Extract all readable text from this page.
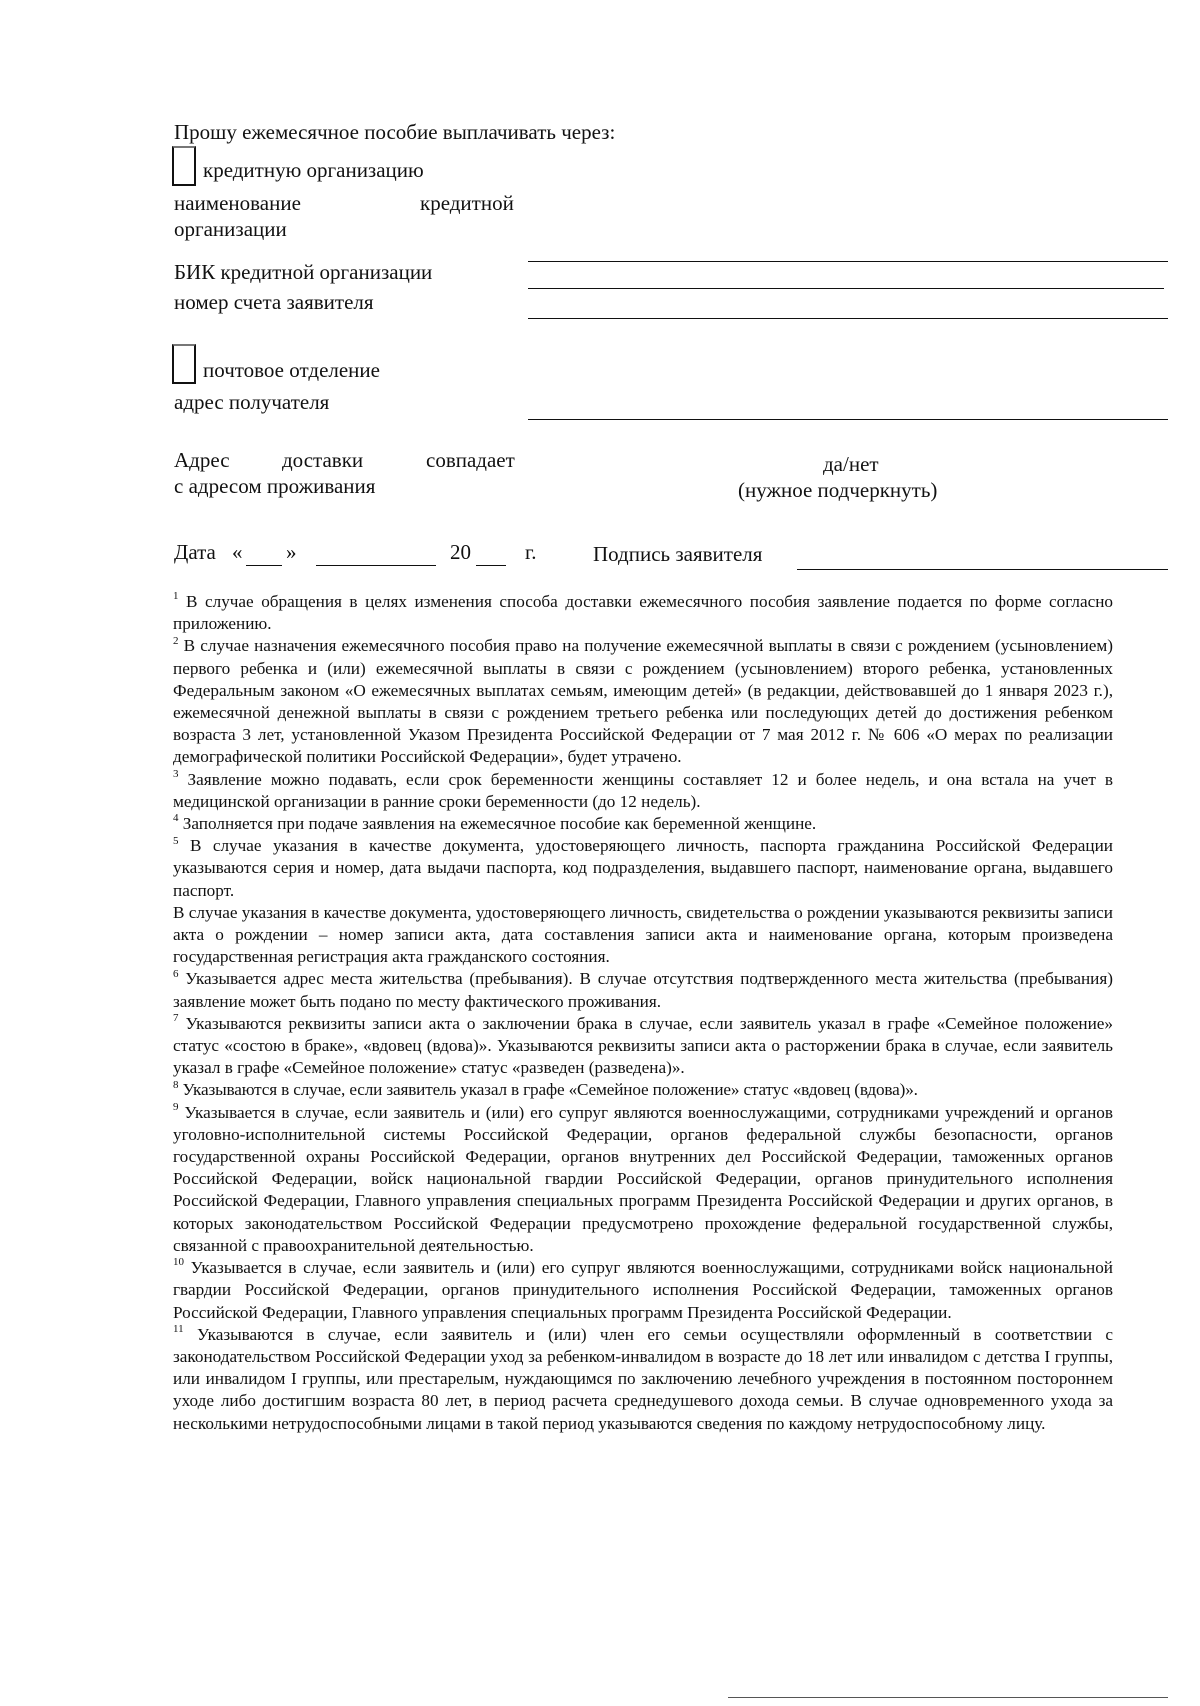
Прошу ежемесячное пособие выплачивать через:
кредитную организацию
наименование	кредитной
организации
БИК кредитной организации
номер счета заявителя
почтовое отделение
адрес получателя
Адрес доставки	совпадает
с адресом проживания
да/нет
(нужное подчеркнуть)
Дата « »	20	г.	Подпись заявителя

$^1$ В случае обращения в целях изменения способа доставки ежемесячного пособия заявление подается по форме согласно приложению.

$^2$ В случае назначения ежемесячного пособия право на получение ежемесячной выплаты в связи с рождением (усыновлением) первого ребенка и (или) ежемесячной выплаты в связи с рождением (усыновлением) второго ребенка, установленных Федеральным законом «О ежемесячных выплатах семьям, имеющим детей» (в редакции, действовавшей до 1 января 2023 г.), ежемесячной денежной выплаты в связи с рождением третьего ребенка или последующих детей до достижения ребенком возраста 3 лет, установленной Указом Президента Российской Федерации от 7 мая 2012 г. № 606 «О мерах по реализации демографической политики Российской Федерации», будет утрачено.

$^3$ Заявление можно подавать, если срок беременности женщины составляет 12 и более недель, и она встала на учет в медицинской организации в ранние сроки беременности (до 12 недель).

$^4$ Заполняется при подаче заявления на ежемесячное пособие как беременной женщине.

$^5$ В случае указания в качестве документа, удостоверяющего личность, паспорта гражданина Российской Федерации указываются серия и номер, дата выдачи паспорта, код подразделения, выдавшего паспорт, наименование органа, выдавшего паспорт.

В случае указания в качестве документа, удостоверяющего личность, свидетельства о рождении указываются реквизиты записи акта о рождении – номер записи акта, дата составления записи акта и наименование органа, которым произведена государственная регистрация акта гражданского состояния.

$^6$ Указывается адрес места жительства (пребывания). В случае отсутствия подтвержденного места жительства (пребывания) заявление может быть подано по месту фактического проживания.

$^7$ Указываются реквизиты записи акта о заключении брака в случае, если заявитель указал в графе «Семейное положение» статус «состою в браке», «вдовец (вдова)». Указываются реквизиты записи акта о расторжении брака в случае, если заявитель указал в графе «Семейное положение» статус «разведен (разведена)».

$^8$ Указываются в случае, если заявитель указал в графе «Семейное положение» статус «вдовец (вдова)».

$^9$ Указывается в случае, если заявитель и (или) его супруг являются военнослужащими, сотрудниками учреждений и органов уголовно-исполнительной системы Российской Федерации, органов федеральной службы безопасности, органов государственной охраны Российской Федерации, органов внутренних дел Российской Федерации, таможенных органов Российской Федерации, войск национальной гвардии Российской Федерации, органов принудительного исполнения Российской Федерации, Главного управления специальных программ Президента Российской Федерации и других органов, в которых законодательством Российской Федерации предусмотрено прохождение федеральной государственной службы, связанной с правоохранительной деятельностью.

$^{10}$ Указывается в случае, если заявитель и (или) его супруг являются военнослужащими, сотрудниками войск национальной гвардии Российской Федерации, органов принудительного исполнения Российской Федерации, таможенных органов Российской Федерации, Главного управления специальных программ Президента Российской Федерации.

$^{11}$ Указываются в случае, если заявитель и (или) член его семьи осуществляли оформленный в соответствии с законодательством Российской Федерации уход за ребенком-инвалидом в возрасте до 18 лет или инвалидом с детства I группы, или инвалидом I группы, или престарелым, нуждающимся по заключению лечебного учреждения в постоянном постороннем уходе либо достигшим возраста 80 лет, в период расчета среднедушевого дохода семьи. В случае одновременного ухода за несколькими нетрудоспособными лицами в такой период указываются сведения по каждому нетрудоспособному лицу.
